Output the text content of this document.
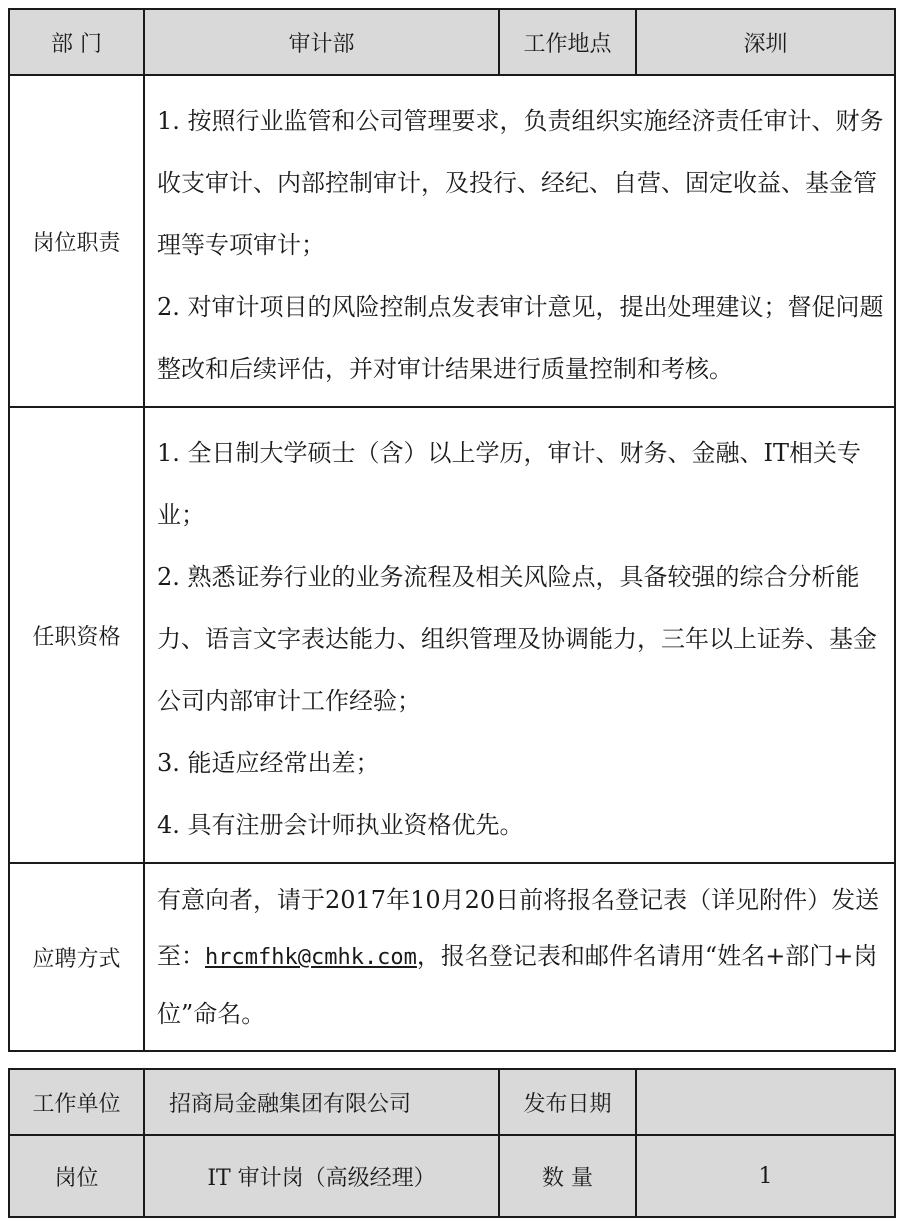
部 门	审计部	工作地点	深圳
岗位职责	1. 按照行业监管和公司管理要求，负责组织实施经济责任审计、财务收支审计、内部控制审计，及投行、经纪、自营、固定收益、基金管理等专项审计；

2. 对审计项目的风险控制点发表审计意见，提出处理建议；督促问题整改和后续评估，并对审计结果进行质量控制和考核。		

任职资格	1. 全日制大学硕士（含）以上学历，审计、财务、金融、IT相关专业；

2. 熟悉证券行业的业务流程及相关风险点，具备较强的综合分析能力、语言文字表达能力、组织管理及协调能力，三年以上证券、基金公司内部审计工作经验；

3. 能适应经常出差；

4. 具有注册会计师执业资格优先。		

应聘方式	有意向者，请于2017年10月20日前将报名登记表（详见附件）发送至：hrcmfhk@cmhk.com，报名登记表和邮件名请用“姓名+部门+岗位”命名。		

工作单位	招商局金融集团有限公司	发布日期	
岗位	IT 审计岗（高级经理）	数 量	1
